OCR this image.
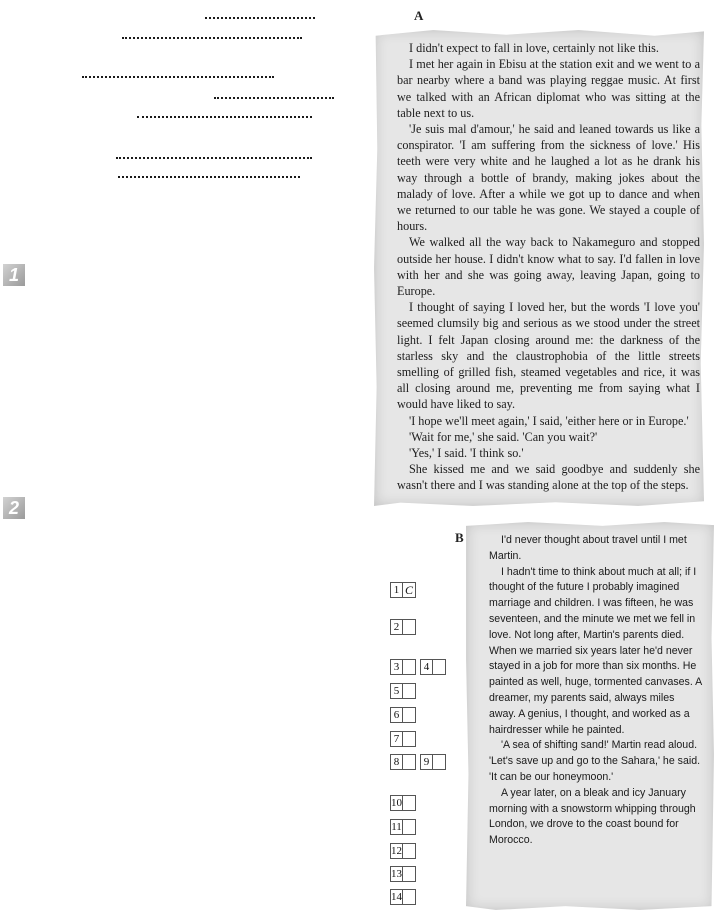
1
2
A

I didn't expect to fall in love, certainly not like this.

I met her again in Ebisu at the station exit and we went to a bar nearby where a band was playing reggae music. At first we talked with an African diplomat who was sitting at the table next to us.

'Je suis mal d'amour,' he said and leaned towards us like a conspirator. 'I am suffering from the sickness of love.' His teeth were very white and he laughed a lot as he drank his way through a bottle of brandy, making jokes about the malady of love. After a while we got up to dance and when we returned to our table he was gone. We stayed a couple of hours.

We walked all the way back to Nakameguro and stopped outside her house. I didn't know what to say. I'd fallen in love with her and she was going away, leaving Japan, going to Europe.

I thought of saying I loved her, but the words 'I love you' seemed clumsily big and serious as we stood under the street light. I felt Japan closing around me: the darkness of the starless sky and the claustrophobia of the little streets smelling of grilled fish, steamed vegetables and rice, it was all closing around me, preventing me from saying what I would have liked to say.

'I hope we'll meet again,' I said, 'either here or in Europe.'

'Wait for me,' she said. 'Can you wait?'

'Yes,' I said. 'I think so.'

She kissed me and we said goodbye and suddenly she wasn't there and I was standing alone at the top of the steps.

B	I'd never thought about travel until I met Martin.

I hadn't time to think about much at all; if I thought of the future I probably imagined marriage and children. I was fifteen, he was seventeen, and the minute we met we fell in love. Not long after, Martin's parents died. When we married six years later he'd never stayed in a job for more than six months. He painted as well, huge, tormented canvases. A dreamer, my parents said, always miles away. A genius, I thought, and worked as a hairdresser while he painted.

'A sea of shifting sand!' Martin read aloud. 'Let's save up and go to the Sahara,' he said. 'It can be our honeymoon.'

A year later, on a bleak and icy January morning with a snowstorm whipping through London, we drove to the coast bound for Morocco.

1 C
2
3	4
5
6
7
8	9
10
11
12
13
14
